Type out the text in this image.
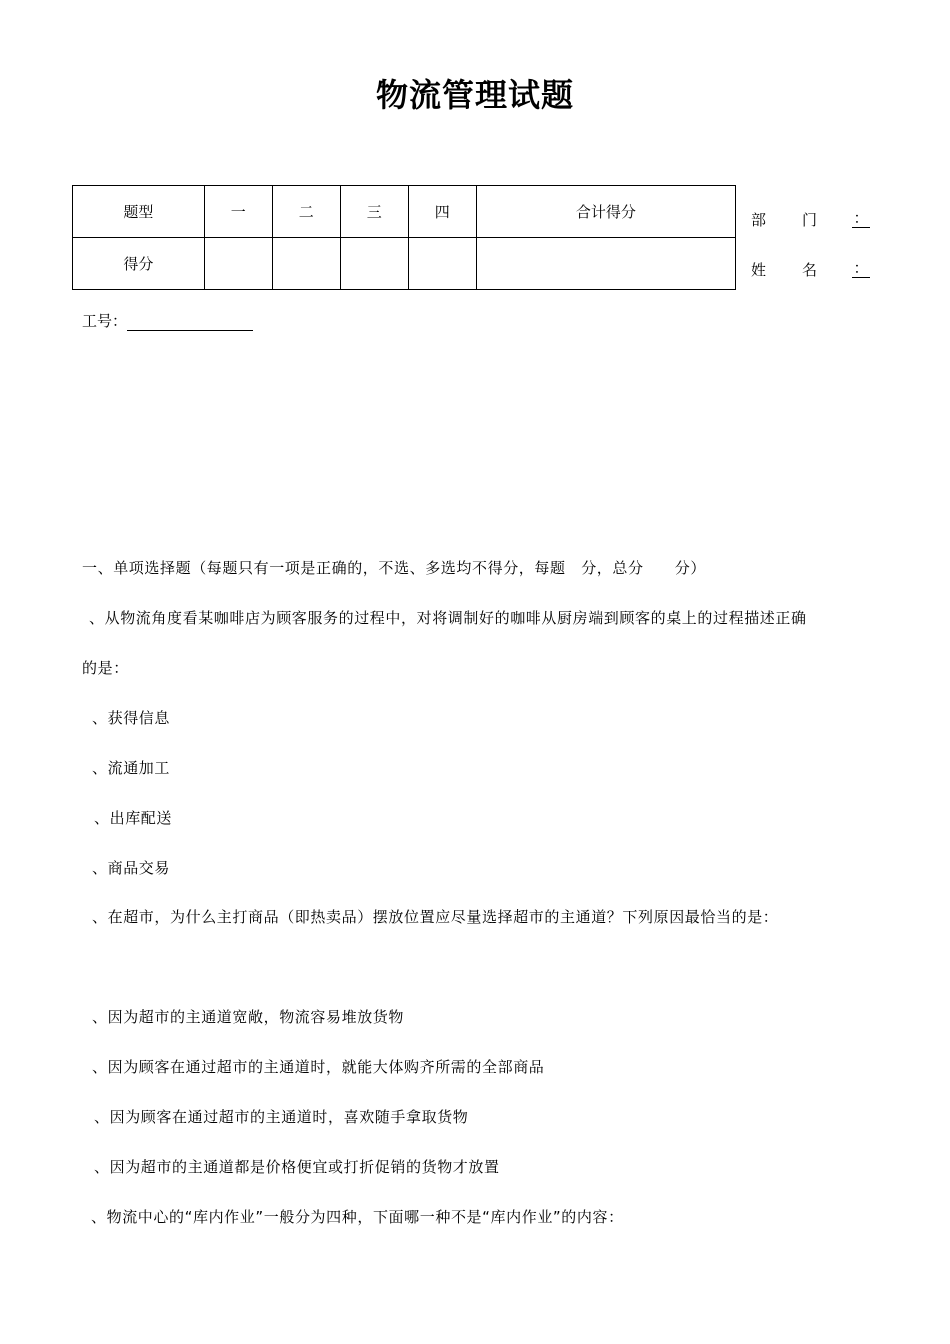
物流管理试题
题型	一	二	三	四	合计得分
得分					
部 门 ：
姓 名 ：
工号：
一、单项选择题（每题只有一项是正确的，不选、多选均不得分，每题　分，总分　　分）
、从物流角度看某咖啡店为顾客服务的过程中，对将调制好的咖啡从厨房端到顾客的桌上的过程描述正确
的是：
、获得信息
、流通加工
、出库配送
、商品交易
、在超市，为什么主打商品（即热卖品）摆放位置应尽量选择超市的主通道？下列原因最恰当的是：
、因为超市的主通道宽敞，物流容易堆放货物
、因为顾客在通过超市的主通道时，就能大体购齐所需的全部商品
、因为顾客在通过超市的主通道时，喜欢随手拿取货物
、因为超市的主通道都是价格便宜或打折促销的货物才放置
、物流中心的“库内作业”一般分为四种，下面哪一种不是“库内作业”的内容：
